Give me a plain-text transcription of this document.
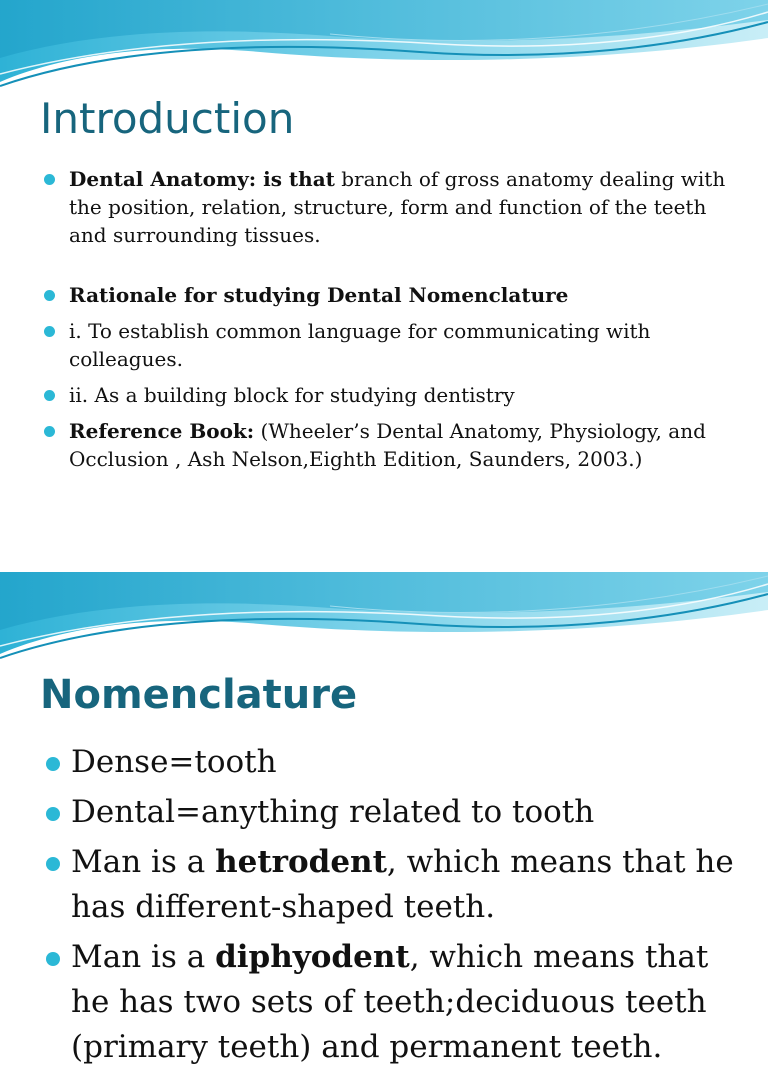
Introduction
Dental Anatomy: is that branch of gross anatomy dealing with the position, relation, structure, form and function of the teeth and surrounding tissues.
Rationale for studying Dental Nomenclature
i. To establish common language for communicating with colleagues.
ii. As a building block for studying dentistry
Reference Book: (Wheeler’s Dental Anatomy, Physiology, and Occlusion , Ash Nelson,Eighth Edition, Saunders, 2003.)
Nomenclature
Dense=tooth
Dental=anything related to tooth
Man is a hetrodent, which means that he has different-shaped teeth.
Man is a diphyodent, which means that he has two sets of teeth;deciduous teeth (primary teeth) and permanent teeth.
